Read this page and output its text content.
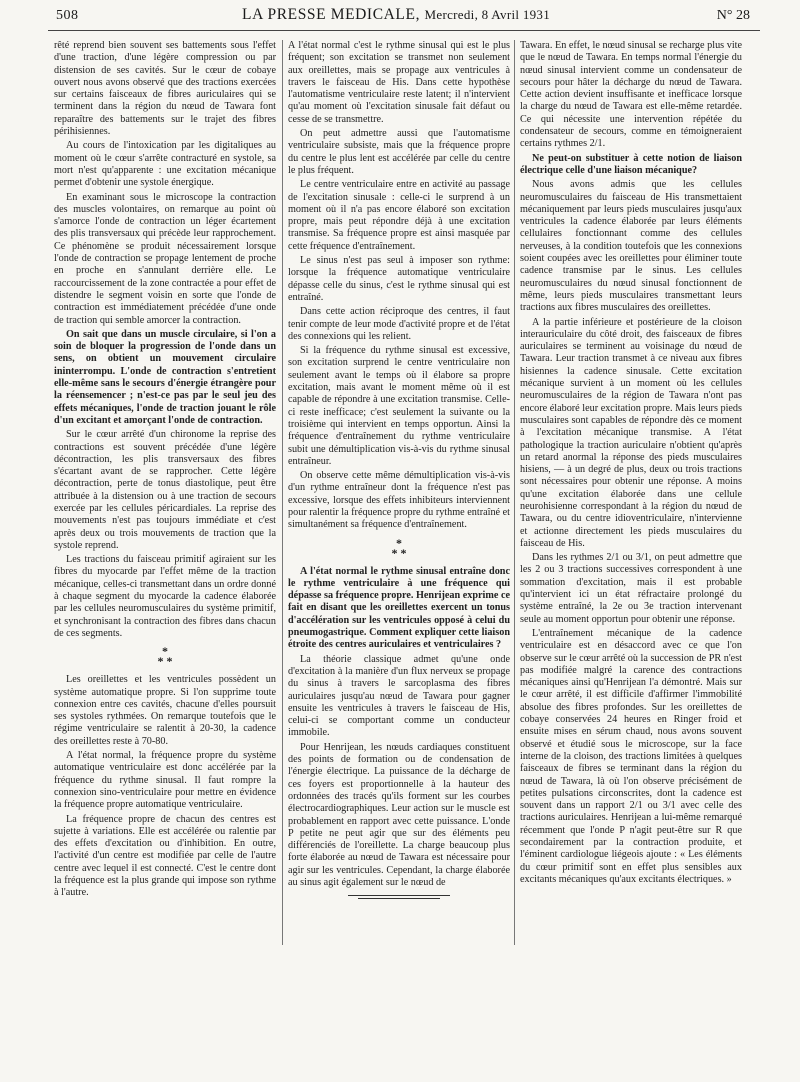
508	LA PRESSE MEDICALE, Mercredi, 8 Avril 1931	N° 28

rêté reprend bien souvent ses battements sous l'effet d'une traction, d'une légère compression ou par distension de ses cavités. Sur le cœur de cobaye ouvert nous avons observé que des tractions exercées sur certains faisceaux de fibres auriculaires qui se terminent dans la région du nœud de Tawara font reparaître des battements sur le trajet des fibres périhisiennes.

Au cours de l'intoxication par les digitaliques au moment où le cœur s'arrête contracturé en systole, sa mort n'est qu'apparente : une excitation mécanique permet d'obtenir une systole énergique.

En examinant sous le microscope la contraction des muscles volontaires, on remarque au point où s'amorce l'onde de contraction un léger écartement des plis transversaux qui précède leur rapprochement. Ce phénomène se produit nécessairement lorsque l'onde de contraction se propage lentement de proche en proche en s'annulant derrière elle. Le raccourcissement de la zone contractée a pour effet de distendre le segment voisin en sorte que l'onde de contraction est immédiatement précédée d'une onde de traction qui semble amorcer la contraction.

On sait que dans un muscle circulaire, si l'on a soin de bloquer la progression de l'onde dans un sens, on obtient un mouvement circulaire ininterrompu. L'onde de contraction s'entretient elle-même sans le secours d'énergie étrangère pour la réensemencer ; n'est-ce pas par le seul jeu des effets mécaniques, l'onde de traction jouant le rôle d'un excitant et amorçant l'onde de contraction.

Sur le cœur arrêté d'un chironome la reprise des contractions est souvent précédée d'une légère décontraction, les plis transversaux des fibres s'écartant avant de se rapprocher. Cette légère décontraction, perte de tonus diastolique, peut être attribuée à la distension ou à une traction de secours exercée par les cellules péricardiales. La reprise des mouvements n'est pas toujours immédiate et c'est après deux ou trois mouvements de traction que la systole reprend.

Les tractions du faisceau primitif agiraient sur les fibres du myocarde par l'effet même de la traction mécanique, celles-ci transmettant dans un ordre donné à chaque segment du myocarde la cadence élaborée par les cellules neuromusculaires du système primitif, et synchronisant la contraction des fibres dans chacun de ces segments.

*
* *

Les oreillettes et les ventricules possèdent un système automatique propre. Si l'on supprime toute connexion entre ces cavités, chacune d'elles poursuit ses systoles rythmées. On remarque toutefois que le régime ventriculaire se ralentit à 20-30, la cadence des oreillettes reste à 70-80.

A l'état normal, la fréquence propre du système automatique ventriculaire est donc accélérée par la fréquence du rythme sinusal. Il faut rompre la connexion sino-ventriculaire pour mettre en évidence la fréquence propre automatique ventriculaire.

La fréquence propre de chacun des centres est sujette à variations. Elle est accélérée ou ralentie par des effets d'excitation ou d'inhibition. En outre, l'activité d'un centre est modifiée par celle de l'autre centre avec lequel il est connecté. C'est le centre dont la fréquence est la plus grande qui impose son rythme à l'autre.

A l'état normal c'est le rythme sinusal qui est le plus fréquent; son excitation se transmet non seulement aux oreillettes, mais se propage aux ventricules à travers le faisceau de His. Dans cette hypothèse l'automatisme ventriculaire reste latent; il n'intervient qu'au moment où l'excitation sinusale fait défaut ou cesse de se transmettre.

On peut admettre aussi que l'automatisme ventriculaire subsiste, mais que la fréquence propre du centre le plus lent est accélérée par celle du centre le plus fréquent.

Le centre ventriculaire entre en activité au passage de l'excitation sinusale : celle-ci le surprend à un moment où il n'a pas encore élaboré son excitation propre, mais peut répondre déjà à une excitation transmise. Sa fréquence propre est ainsi masquée par cette fréquence d'entraînement.

Le sinus n'est pas seul à imposer son rythme: lorsque la fréquence automatique ventriculaire dépasse celle du sinus, c'est le rythme sinusal qui est entraîné.

Dans cette action réciproque des centres, il faut tenir compte de leur mode d'activité propre et de l'état des connexions qui les relient.

Si la fréquence du rythme sinusal est excessive, son excitation surprend le centre ventriculaire non seulement avant le temps où il élabore sa propre excitation, mais avant le moment même où il est capable de répondre à une excitation transmise. Celle-ci reste inefficace; c'est seulement la suivante ou la troisième qui intervient en temps opportun. Ainsi la fréquence d'entraînement du rythme ventriculaire subit une démultiplication vis-à-vis du rythme sinusal entraîneur.

On observe cette même démultiplication vis-à-vis d'un rythme entraîneur dont la fréquence n'est pas excessive, lorsque des effets inhibiteurs interviennent pour ralentir la fréquence propre du rythme entraîné et simultanément sa fréquence d'entraînement.

*
* *

A l'état normal le rythme sinusal entraîne donc le rythme ventriculaire à une fréquence qui dépasse sa fréquence propre. Henrijean exprime ce fait en disant que les oreillettes exercent un tonus d'accélération sur les ventricules opposé à celui du pneumogastrique. Comment expliquer cette liaison étroite des centres auriculaires et ventriculaires ?

La théorie classique admet qu'une onde d'excitation à la manière d'un flux nerveux se propage du sinus à travers le sarcoplasma des fibres auriculaires jusqu'au nœud de Tawara pour gagner ensuite les ventricules à travers le faisceau de His, celui-ci se comportant comme un conducteur immobile.

Pour Henrijean, les nœuds cardiaques constituent des points de formation ou de condensation de l'énergie électrique. La puissance de la décharge de ces foyers est proportionnelle à la hauteur des ordonnées des tracés qu'ils forment sur les courbes électrocardiographiques. Leur action sur le muscle est probablement en rapport avec cette puissance. L'onde P petite ne peut agir que sur des éléments peu différenciés de l'oreillette. La charge beaucoup plus forte élaborée au nœud de Tawara est nécessaire pour agir sur les ventricules. Cependant, la charge élaborée au sinus agit également sur le nœud de

Tawara. En effet, le nœud sinusal se recharge plus vite que le nœud de Tawara. En temps normal l'énergie du nœud sinusal intervient comme un condensateur de secours pour hâter la décharge du nœud de Tawara. Cette action devient insuffisante et inefficace lorsque la charge du nœud de Tawara est elle-même retardée. Ce qui nécessite une intervention répétée du condensateur de secours, comme en témoigneraient certains rythmes 2/1.

Ne peut-on substituer à cette notion de liaison électrique celle d'une liaison mécanique?

Nous avons admis que les cellules neuromusculaires du faisceau de His transmettaient mécaniquement par leurs pieds musculaires jusqu'aux ventricules la cadence élaborée par leurs éléments cellulaires fonctionnant comme des cellules nerveuses, à la condition toutefois que les connexions soient coupées avec les oreillettes pour éliminer toute cadence transmise par le sinus. Les cellules neuromusculaires du nœud sinusal fonctionnent de même, leurs pieds musculaires transmettant leurs tractions aux fibres musculaires des oreillettes.

A la partie inférieure et postérieure de la cloison interauriculaire du côté droit, des faisceaux de fibres auriculaires se terminent au voisinage du nœud de Tawara. Leur traction transmet à ce niveau aux fibres hisiennes la cadence sinusale. Cette excitation mécanique survient à un moment où les cellules neuromusculaires de la région de Tawara n'ont pas encore élaboré leur excitation propre. Mais leurs pieds musculaires sont capables de répondre dès ce moment à l'excitation mécanique transmise. A l'état pathologique la traction auriculaire n'obtient qu'après un retard anormal la réponse des pieds musculaires hisiens, — à un degré de plus, deux ou trois tractions sont nécessaires pour obtenir une réponse. A moins qu'une excitation élaborée dans une cellule neurohisienne correspondant à la région du nœud de Tawara, ou du centre idioventriculaire, n'intervienne et actionne directement les pieds musculaires du faisceau de His.

Dans les rythmes 2/1 ou 3/1, on peut admettre que les 2 ou 3 tractions successives correspondent à une sommation d'excitation, mais il est probable qu'intervient ici un état réfractaire prolongé du système entraîné, la 2e ou 3e traction intervenant seule au moment opportun pour obtenir une réponse.

L'entraînement mécanique de la cadence ventriculaire est en désaccord avec ce que l'on observe sur le cœur arrêté où la succession de PR n'est pas modifiée malgré la carence des contractions mécaniques ainsi qu'Henrijean l'a démontré. Mais sur le cœur arrêté, il est difficile d'affirmer l'immobilité absolue des fibres profondes. Sur les oreillettes de cobaye conservées 24 heures en Ringer froid et ensuite mises en sérum chaud, nous avons souvent observé et étudié sous le microscope, sur la face interne de la cloison, des tractions limitées à quelques faisceaux de fibres se terminant dans la région du nœud de Tawara, là où l'on observe précisément de petites pulsations circonscrites, dont la cadence est souvent dans un rapport 2/1 ou 3/1 avec celle des tractions auriculaires. Henrijean a lui-même remarqué récemment que l'onde P n'agit peut-être sur R que secondairement par la contraction produite, et l'éminent cardiologue liégeois ajoute : « Les éléments du cœur primitif sont en effet plus sensibles aux excitants mécaniques qu'aux excitants électriques. »
